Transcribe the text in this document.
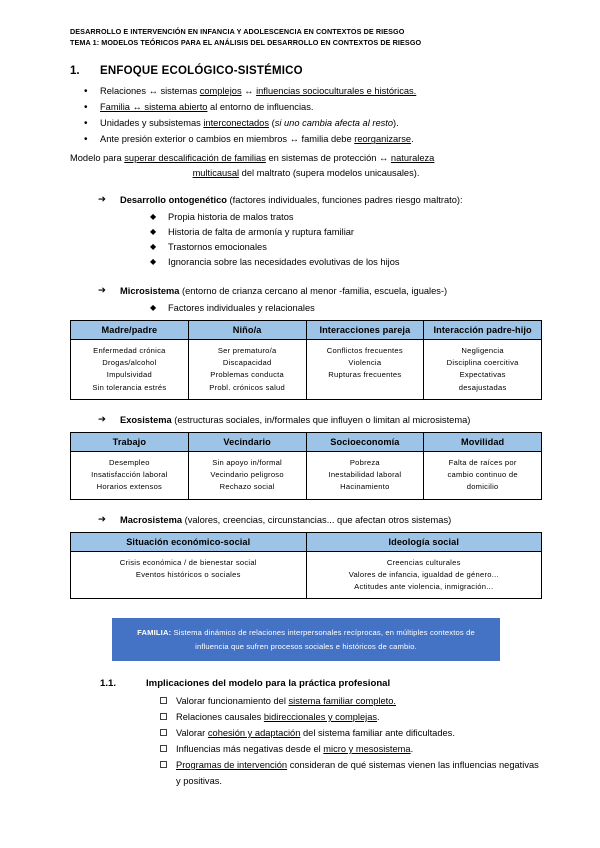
DESARROLLO E INTERVENCIÓN EN INFANCIA Y ADOLESCENCIA EN CONTEXTOS DE RIESGO
TEMA 1: MODELOS TEÓRICOS PARA EL ANÁLISIS DEL DESARROLLO EN CONTEXTOS DE RIESGO
1.	ENFOQUE ECOLÓGICO-SISTÉMICO
• Relaciones ↔ sistemas complejos ↔ influencias socioculturales e históricas.
• Familia ↔ sistema abierto al entorno de influencias.
• Unidades y subsistemas interconectados (si uno cambia afecta al resto).
• Ante presión exterior o cambios en miembros ↔ familia debe reorganizarse.
Modelo para superar descalificación de familias en sistemas de protección ↔ naturaleza
multicausal del maltrato (supera modelos unicausales).
➔ Desarrollo ontogenético (factores individuales, funciones padres riesgo maltrato):
◆ Propia historia de malos tratos
◆ Historia de falta de armonía y ruptura familiar
◆ Trastornos emocionales
◆ Ignorancia sobre las necesidades evolutivas de los hijos
➔ Microsistema (entorno de crianza cercano al menor -familia, escuela, iguales-)
◆ Factores individuales y relacionales
Madre/padre	Niño/a	Interacciones pareja	Interacción padre-hijo

Enfermedad crónica
Drogas/alcohol
Impulsividad
Sin tolerancia estrés

Ser prematuro/a
Discapacidad
Problemas conducta
Probl. crónicos salud

Conflictos frecuentes
Violencia
Rupturas frecuentes

Negligencia
Disciplina coercitiva
Expectativas
desajustadas
➔ Exosistema (estructuras sociales, in/formales que influyen o limitan al microsistema)
Trabajo	Vecindario	Socioeconomía	Movilidad

Desempleo
Insatisfacción laboral
Horarios extensos

Sin apoyo in/formal
Vecindario peligroso
Rechazo social

Pobreza
Inestabilidad laboral
Hacinamiento

Falta de raíces por
cambio continuo de
domicilio
➔ Macrosistema (valores, creencias, circunstancias... que afectan otros sistemas)
Situación económico-social	Ideología social

Crisis económica / de bienestar social
Eventos históricos o sociales

Creencias culturales
Valores de infancia, igualdad de género...
Actitudes ante violencia, inmigración...
FAMILIA: Sistema dinámico de relaciones interpersonales recíprocas, en múltiples contextos de influencia que sufren procesos sociales e históricos de cambio.
1.1.	Implicaciones del modelo para la práctica profesional
Valorar funcionamiento del sistema familiar completo.
Relaciones causales bidireccionales y complejas.
Valorar cohesión y adaptación del sistema familiar ante dificultades.
Influencias más negativas desde el micro y mesosistema.
Programas de intervención consideran de qué sistemas vienen las influencias negativas y positivas.
